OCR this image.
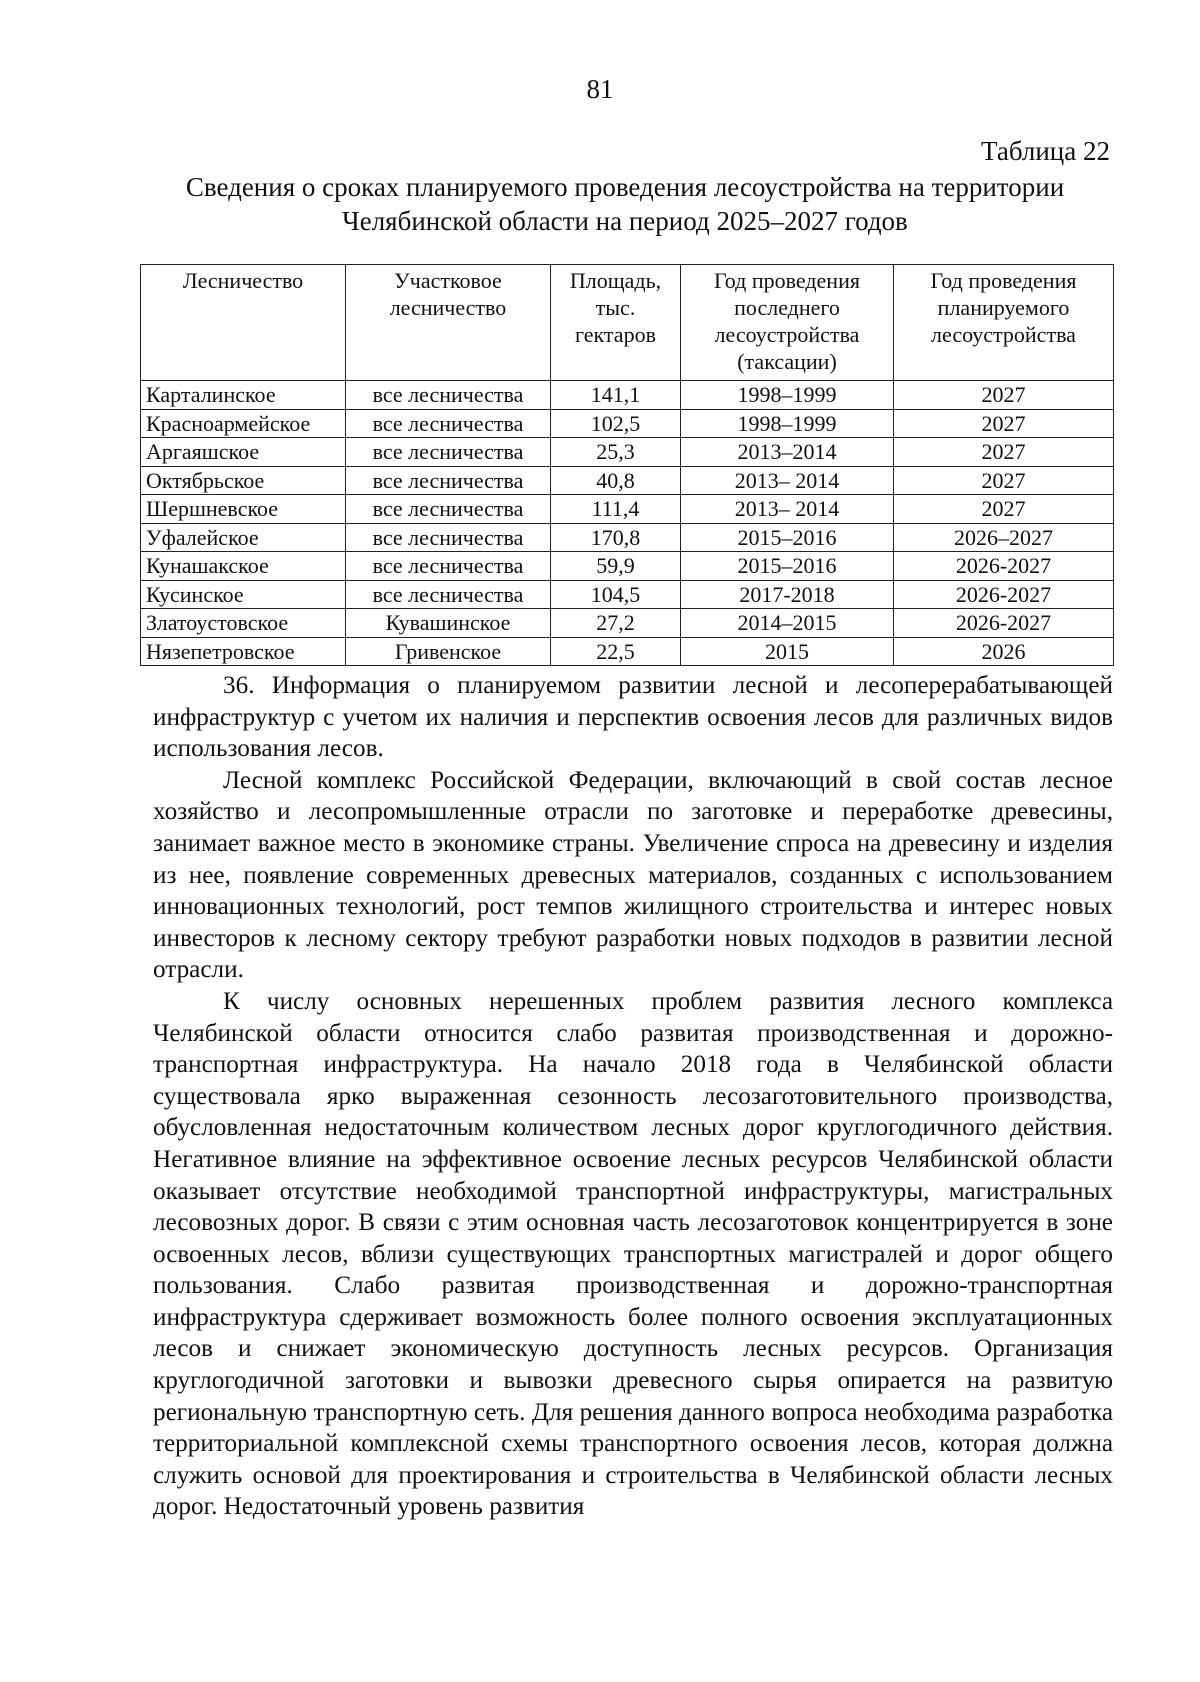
81
Таблица 22
Сведения о сроках планируемого проведения лесоустройства на территории
Челябинской области на период 2025–2027 годов
Лесничество	Участковое лесничество	Площадь, тыс. гектаров	Год проведения последнего лесоустройства (таксации)	Год проведения планируемого лесоустройства
Карталинское	все лесничества	141,1	1998–1999	2027
Красноармейское	все лесничества	102,5	1998–1999	2027
Аргаяшское	все лесничества	25,3	2013–2014	2027
Октябрьское	все лесничества	40,8	2013– 2014	2027
Шершневское	все лесничества	111,4	2013– 2014	2027
Уфалейское	все лесничества	170,8	2015–2016	2026–2027
Кунашакское	все лесничества	59,9	2015–2016	2026-2027
Кусинское	все лесничества	104,5	2017-2018	2026-2027
Златоустовское	Кувашинское	27,2	2014–2015	2026-2027
Нязепетровское	Гривенское	22,5	2015	2026

36. Информация о планируемом развитии лесной и лесоперерабатывающей инфраструктур с учетом их наличия и перспектив освоения лесов для различных видов использования лесов.

Лесной комплекс Российской Федерации, включающий в свой состав лесное хозяйство и лесопромышленные отрасли по заготовке и переработке древесины, занимает важное место в экономике страны. Увеличение спроса на древесину и изделия из нее, появление современных древесных материалов, созданных с использованием инновационных технологий, рост темпов жилищного строительства и интерес новых инвесторов к лесному сектору требуют разработки новых подходов в развитии лесной отрасли.

К числу основных нерешенных проблем развития лесного комплекса Челябинской области относится слабо развитая производственная и дорожно-транспортная инфраструктура. На начало 2018 года в Челябинской области существовала ярко выраженная сезонность лесозаготовительного производства, обусловленная недостаточным количеством лесных дорог круглогодичного действия. Негативное влияние на эффективное освоение лесных ресурсов Челябинской области оказывает отсутствие необходимой транспортной инфраструктуры, магистральных лесовозных дорог. В связи с этим основная часть лесозаготовок концентрируется в зоне освоенных лесов, вблизи существующих транспортных магистралей и дорог общего пользования. Слабо развитая производственная и дорожно-транспортная инфраструктура сдерживает возможность более полного освоения эксплуатационных лесов и снижает экономическую доступность лесных ресурсов. Организация круглогодичной заготовки и вывозки древесного сырья опирается на развитую региональную транспортную сеть. Для решения данного вопроса необходима разработка территориальной комплексной схемы транспортного освоения лесов, которая должна служить основой для проектирования и строительства в Челябинской области лесных дорог. Недостаточный уровень развития
